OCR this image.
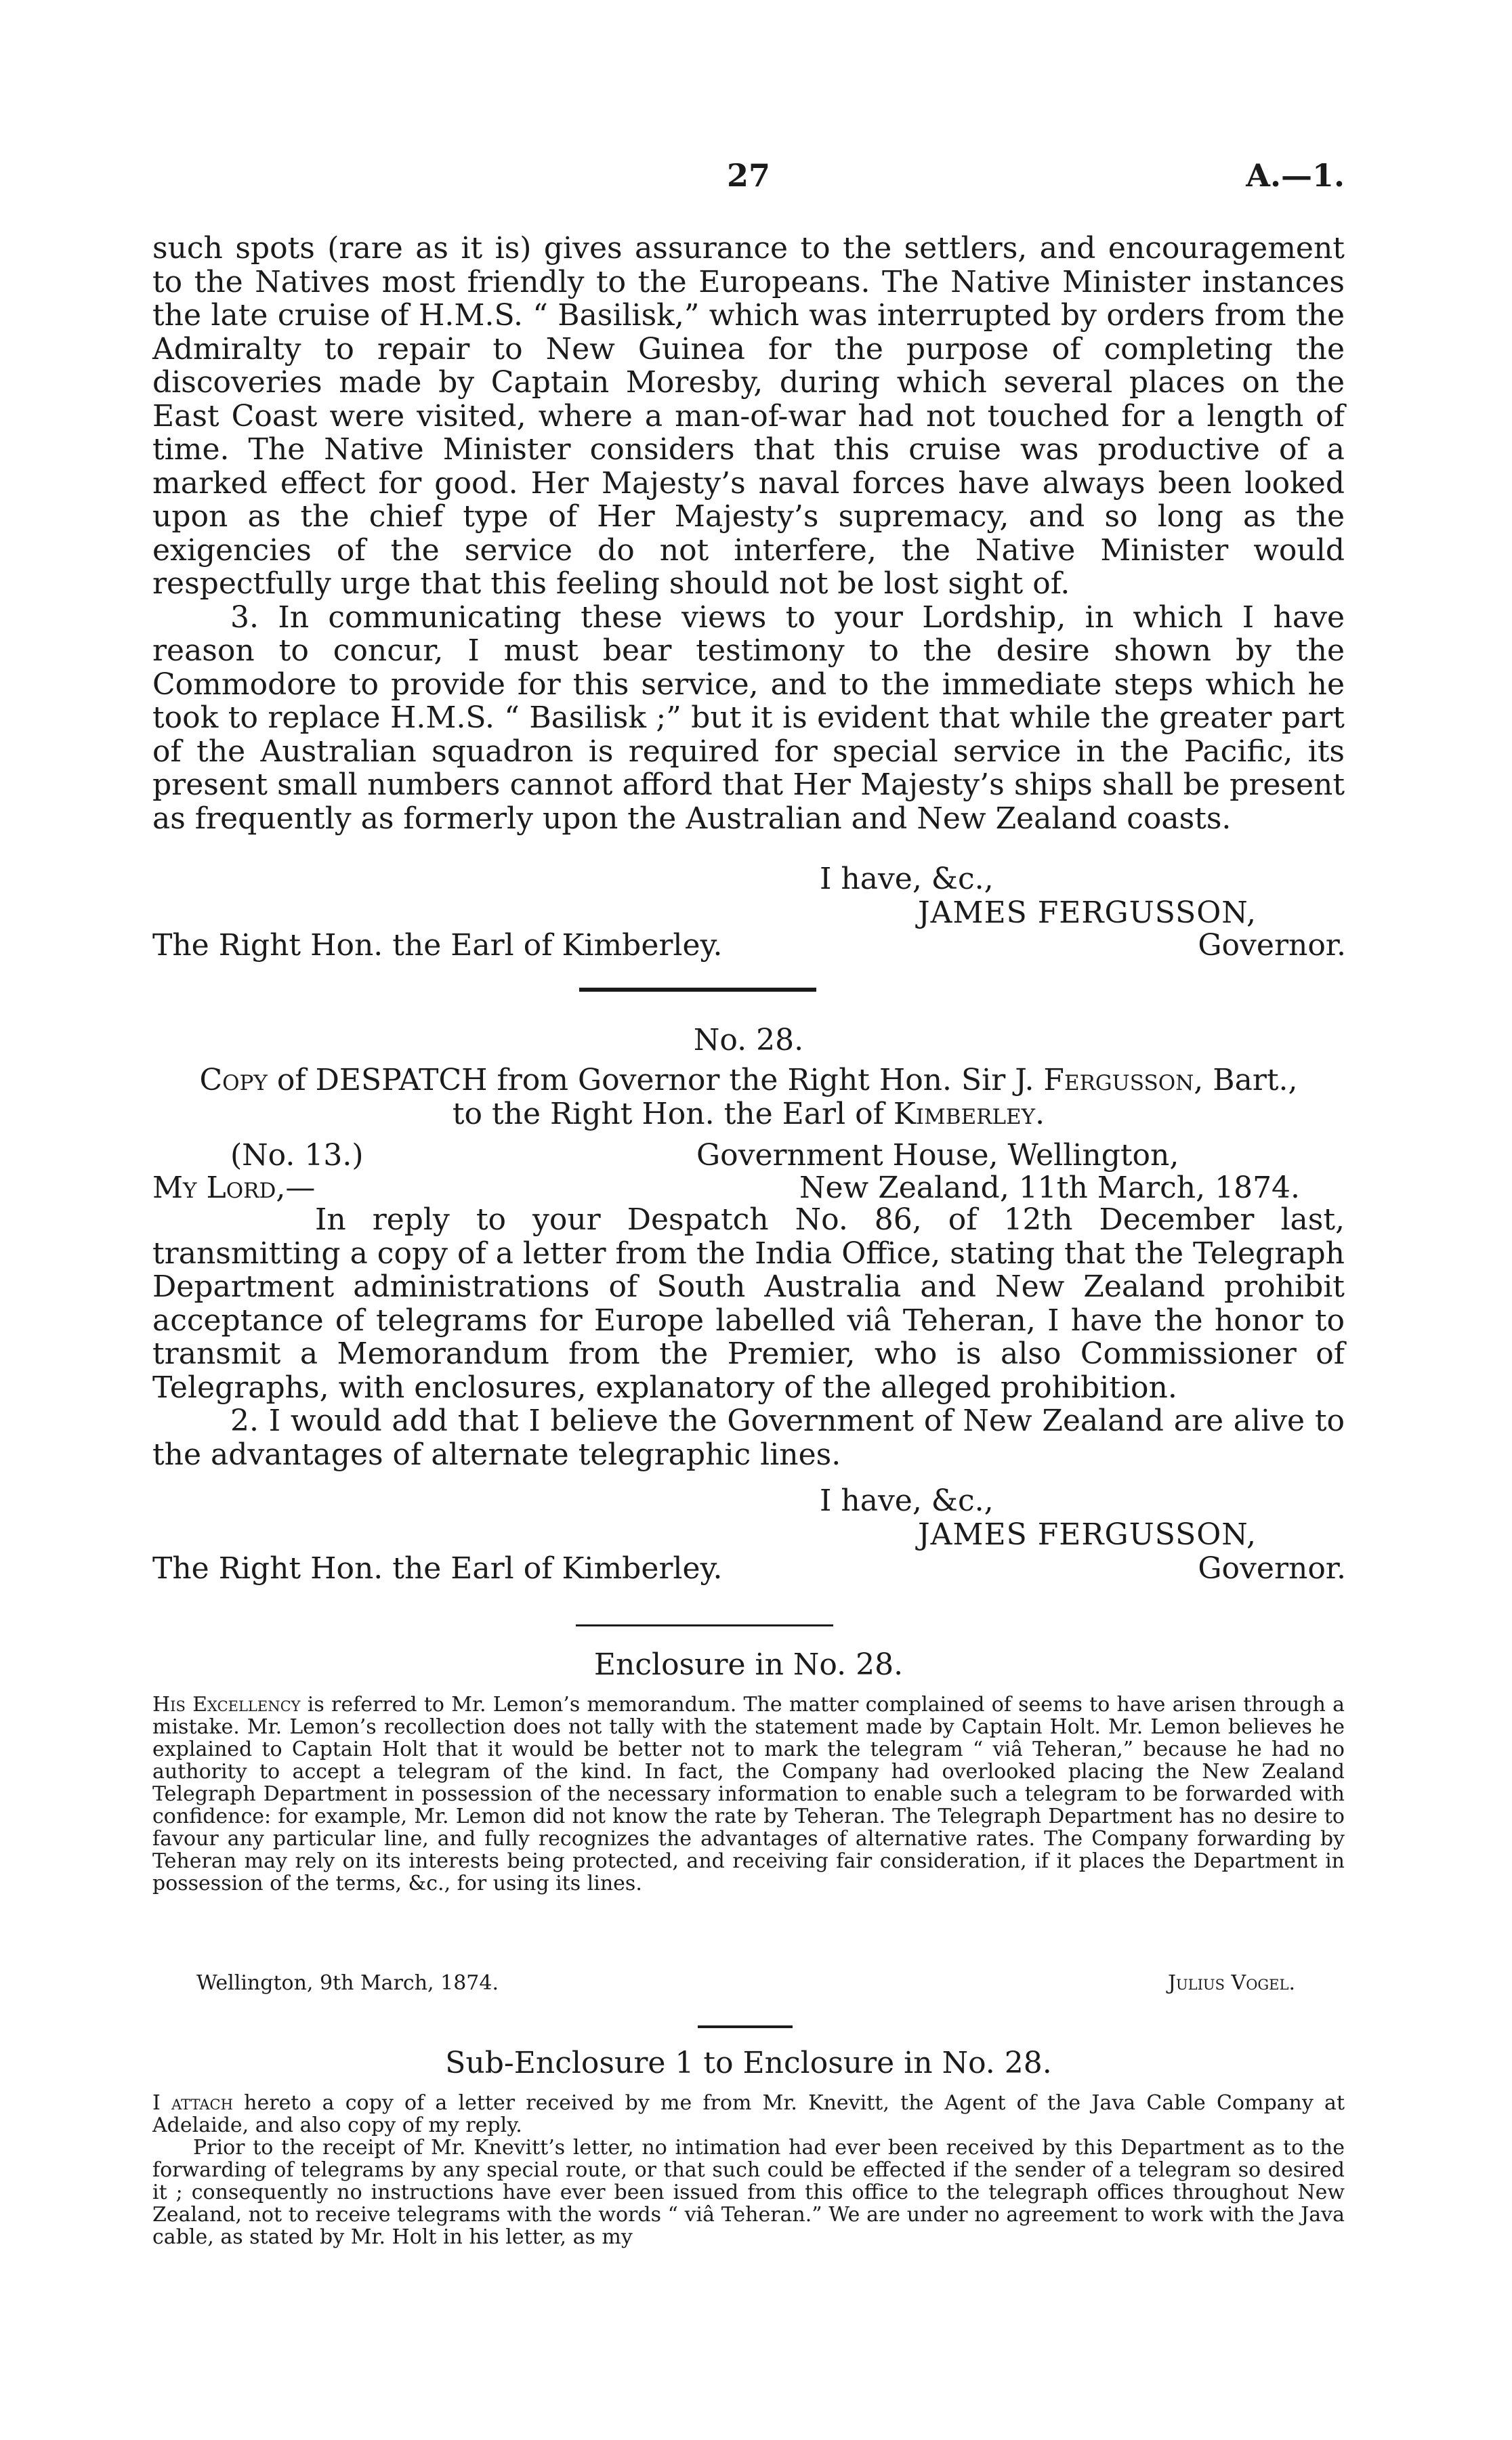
27	A.—1.

such spots (rare as it is) gives assurance to the settlers, and encouragement to the Natives most friendly to the Europeans. The Native Minister instances the late cruise of H.M.S. “ Basilisk,” which was interrupted by orders from the Admiralty to repair to New Guinea for the purpose of completing the discoveries made by Captain Moresby, during which several places on the East Coast were visited, where a man-of-war had not touched for a length of time. The Native Minister considers that this cruise was productive of a marked effect for good. Her Majesty’s naval forces have always been looked upon as the chief type of Her Majesty’s supremacy, and so long as the exigencies of the service do not interfere, the Native Minister would respectfully urge that this feeling should not be lost sight of.

3. In communicating these views to your Lordship, in which I have reason to concur, I must bear testimony to the desire shown by the Commodore to provide for this service, and to the immediate steps which he took to replace H.M.S. “ Basilisk ;” but it is evident that while the greater part of the Australian squadron is required for special service in the Pacific, its present small numbers cannot afford that Her Majesty’s ships shall be present as frequently as formerly upon the Australian and New Zealand coasts.

I have, &c.,
JAMES FERGUSSON,
The Right Hon. the Earl of Kimberley.	Governor.
No. 28.
Copy of DESPATCH from Governor the Right Hon. Sir J. Fergusson, Bart.,
to the Right Hon. the Earl of Kimberley.
(No. 13.)	Government House, Wellington,
My Lord,—	New Zealand, 11th March, 1874.

In reply to your Despatch No. 86, of 12th December last, transmitting a copy of a letter from the India Office, stating that the Telegraph Department administrations of South Australia and New Zealand prohibit acceptance of telegrams for Europe labelled viâ Teheran, I have the honor to transmit a Memorandum from the Premier, who is also Commissioner of Telegraphs, with enclosures, explanatory of the alleged prohibition.

2. I would add that I believe the Government of New Zealand are alive to the advantages of alternate telegraphic lines.

I have, &c.,
JAMES FERGUSSON,
The Right Hon. the Earl of Kimberley.	Governor.
Enclosure in No. 28.

His Excellency is referred to Mr. Lemon’s memorandum. The matter complained of seems to have arisen through a mistake. Mr. Lemon’s recollection does not tally with the statement made by Captain Holt. Mr. Lemon believes he explained to Captain Holt that it would be better not to mark the telegram “ viâ Teheran,” because he had no authority to accept a telegram of the kind. In fact, the Company had overlooked placing the New Zealand Telegraph Department in possession of the necessary information to enable such a telegram to be forwarded with confidence: for example, Mr. Lemon did not know the rate by Teheran. The Telegraph Department has no desire to favour any particular line, and fully recognizes the advantages of alternative rates. The Company forwarding by Teheran may rely on its interests being protected, and receiving fair consideration, if it places the Department in possession of the terms, &c., for using its lines.

Wellington, 9th March, 1874.	Julius Vogel.
Sub-Enclosure 1 to Enclosure in No. 28.

I attach hereto a copy of a letter received by me from Mr. Knevitt, the Agent of the Java Cable Company at Adelaide, and also copy of my reply.

Prior to the receipt of Mr. Knevitt’s letter, no intimation had ever been received by this Department as to the forwarding of telegrams by any special route, or that such could be effected if the sender of a telegram so desired it ; consequently no instructions have ever been issued from this office to the telegraph offices throughout New Zealand, not to receive telegrams with the words “ viâ Teheran.” We are under no agreement to work with the Java cable, as stated by Mr. Holt in his letter, as my
